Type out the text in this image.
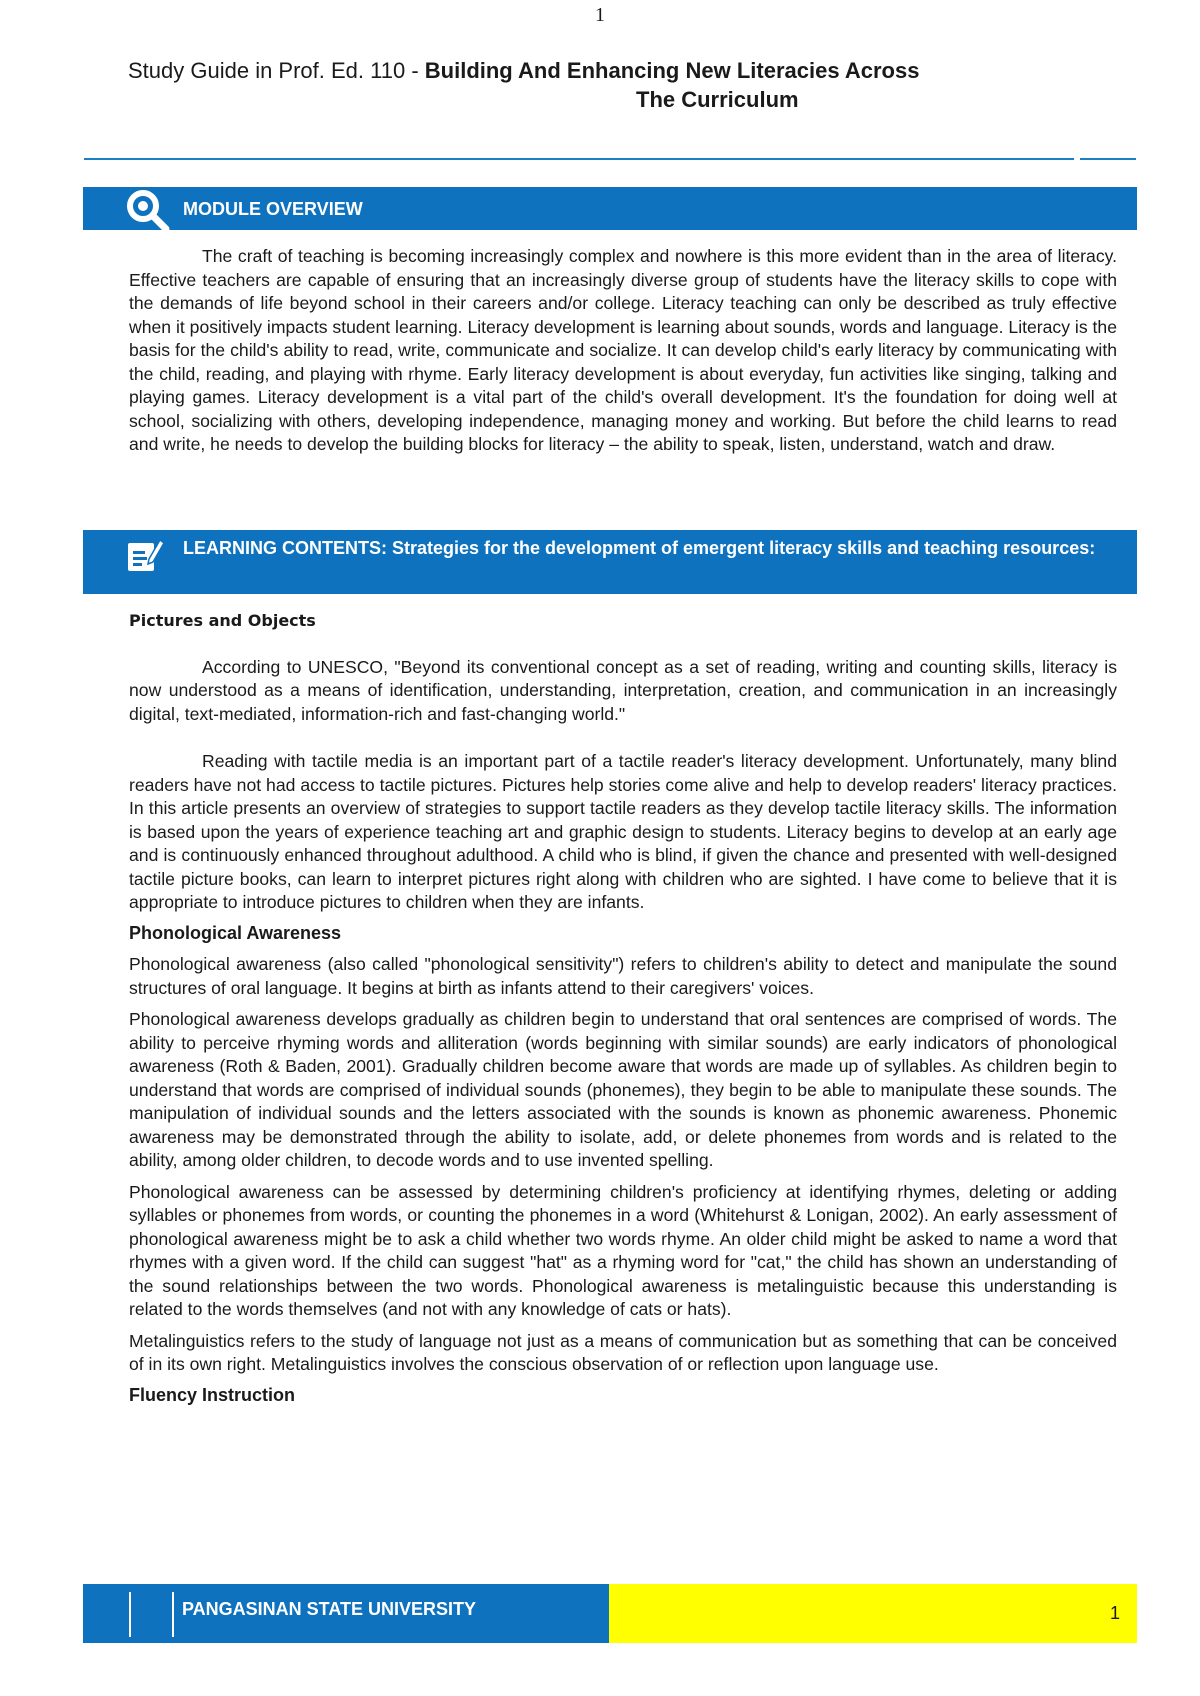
1
Study Guide in Prof. Ed. 110 - Building And Enhancing New Literacies Across
The Curriculum
MODULE OVERVIEW

The craft of teaching is becoming increasingly complex and nowhere is this more evident than in the area of literacy. Effective teachers are capable of ensuring that an increasingly diverse group of students have the literacy skills to cope with the demands of life beyond school in their careers and/or college. Literacy teaching can only be described as truly effective when it positively impacts student learning. Literacy development is learning about sounds, words and language. Literacy is the basis for the child's ability to read, write, communicate and socialize. It can develop child's early literacy by communicating with the child, reading, and playing with rhyme. Early literacy development is about everyday, fun activities like singing, talking and playing games. Literacy development is a vital part of the child's overall development. It's the foundation for doing well at school, socializing with others, developing independence, managing money and working. But before the child learns to read and write, he needs to develop the building blocks for literacy – the ability to speak, listen, understand, watch and draw.

LEARNING CONTENTS: Strategies for the development of emergent literacy skills and teaching resources:

Pictures and Objects

According to UNESCO, "Beyond its conventional concept as a set of reading, writing and counting skills, literacy is now understood as a means of identification, understanding, interpretation, creation, and communication in an increasingly digital, text-mediated, information-rich and fast-changing world."

Reading with tactile media is an important part of a tactile reader's literacy development. Unfortunately, many blind readers have not had access to tactile pictures. Pictures help stories come alive and help to develop readers' literacy practices. In this article presents an overview of strategies to support tactile readers as they develop tactile literacy skills. The information is based upon the years of experience teaching art and graphic design to students. Literacy begins to develop at an early age and is continuously enhanced throughout adulthood. A child who is blind, if given the chance and presented with well-designed tactile picture books, can learn to interpret pictures right along with children who are sighted. I have come to believe that it is appropriate to introduce pictures to children when they are infants.

Phonological Awareness

Phonological awareness (also called "phonological sensitivity") refers to children's ability to detect and manipulate the sound structures of oral language. It begins at birth as infants attend to their caregivers' voices.

Phonological awareness develops gradually as children begin to understand that oral sentences are comprised of words. The ability to perceive rhyming words and alliteration (words beginning with similar sounds) are early indicators of phonological awareness (Roth & Baden, 2001). Gradually children become aware that words are made up of syllables. As children begin to understand that words are comprised of individual sounds (phonemes), they begin to be able to manipulate these sounds. The manipulation of individual sounds and the letters associated with the sounds is known as phonemic awareness. Phonemic awareness may be demonstrated through the ability to isolate, add, or delete phonemes from words and is related to the ability, among older children, to decode words and to use invented spelling.

Phonological awareness can be assessed by determining children's proficiency at identifying rhymes, deleting or adding syllables or phonemes from words, or counting the phonemes in a word (Whitehurst & Lonigan, 2002). An early assessment of phonological awareness might be to ask a child whether two words rhyme. An older child might be asked to name a word that rhymes with a given word. If the child can suggest "hat" as a rhyming word for "cat," the child has shown an understanding of the sound relationships between the two words. Phonological awareness is metalinguistic because this understanding is related to the words themselves (and not with any knowledge of cats or hats).

Metalinguistics refers to the study of language not just as a means of communication but as something that can be conceived of in its own right. Metalinguistics involves the conscious observation of or reflection upon language use.

Fluency Instruction

PANGASINAN STATE UNIVERSITY	1
